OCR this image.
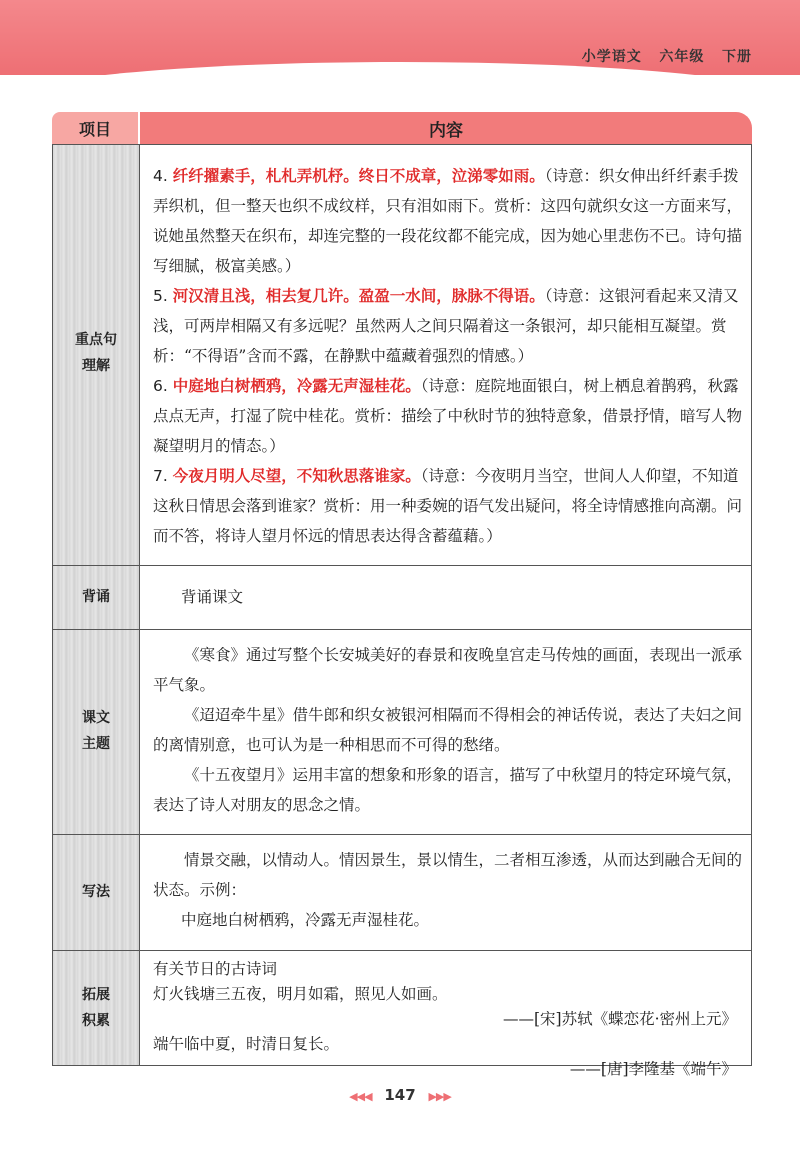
小学语文 六年级 下册
项目	内容
重点句
理解

4. 纤纤擢素手，札札弄机杼。终日不成章，泣涕零如雨。（诗意：织女伸出纤纤素手拨弄织机，但一整天也织不成纹样，只有泪如雨下。赏析：这四句就织女这一方面来写，说她虽然整天在织布，却连完整的一段花纹都不能完成，因为她心里悲伤不已。诗句描写细腻，极富美感。）

5. 河汉清且浅，相去复几许。盈盈一水间，脉脉不得语。（诗意：这银河看起来又清又浅，可两岸相隔又有多远呢？虽然两人之间只隔着这一条银河，却只能相互凝望。赏析：“不得语”含而不露，在静默中蕴藏着强烈的情感。）

6. 中庭地白树栖鸦，冷露无声湿桂花。（诗意：庭院地面银白，树上栖息着鹊鸦，秋露点点无声，打湿了院中桂花。赏析：描绘了中秋时节的独特意象，借景抒情，暗写人物凝望明月的情态。）

7. 今夜月明人尽望，不知秋思落谁家。（诗意：今夜明月当空，世间人人仰望，不知道这秋日情思会落到谁家？赏析：用一种委婉的语气发出疑问，将全诗情感推向高潮。问而不答，将诗人望月怀远的情思表达得含蓄蕴藉。）

背诵	背诵课文
课文
主题

《寒食》通过写整个长安城美好的春景和夜晚皇宫走马传烛的画面，表现出一派承平气象。

《迢迢牵牛星》借牛郎和织女被银河相隔而不得相会的神话传说，表达了夫妇之间的离情别意，也可认为是一种相思而不可得的愁绪。

《十五夜望月》运用丰富的想象和形象的语言，描写了中秋望月的特定环境气氛，表达了诗人对朋友的思念之情。

写法

情景交融，以情动人。情因景生，景以情生，二者相互渗透，从而达到融合无间的状态。示例：

中庭地白树栖鸦，冷露无声湿桂花。

拓展
积累

有关节日的古诗词

灯火钱塘三五夜，明月如霜，照见人如画。

——[宋]苏轼《蝶恋花·密州上元》

端午临中夏，时清日复长。

——[唐]李隆基《端午》

◀◀◀ 147 ▶▶▶
